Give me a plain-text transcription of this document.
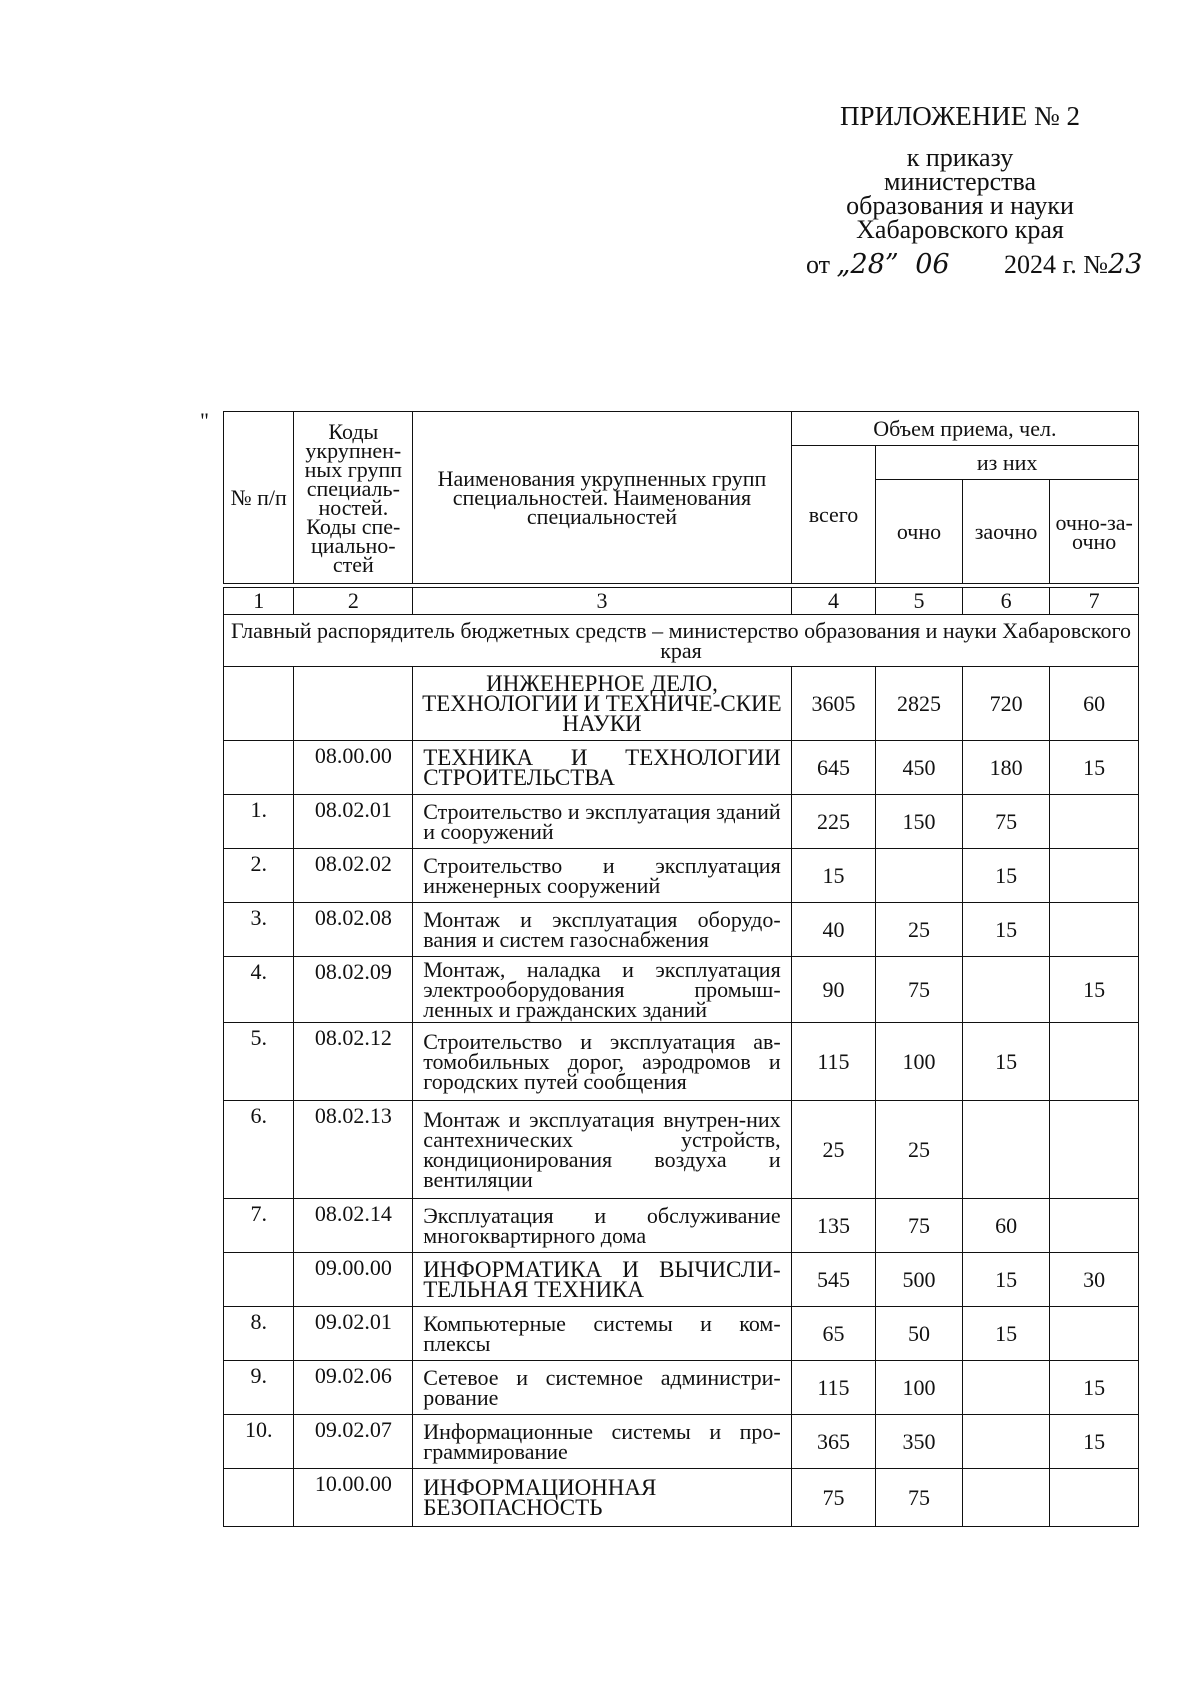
ПРИЛОЖЕНИЕ № 2
к приказу
министерства
образования и науки
Хабаровского края
от „28” 06 2024 г. №23
"
№ п/п	Коды укрупнен-ных групп специаль-ностей. Коды спе-циально-стей	Наименования укрупненных групп специальностей. Наименования специальностей	Объем приема, чел.			
			всего	из них		
				очно	заочно	очно-за-очно

1	2	3	4	5	6	7
Главный распорядитель бюджетных средств – министерство образования и науки Хабаровского края						
		ИНЖЕНЕРНОЕ ДЕЛО, ТЕХНОЛОГИИ И ТЕХНИЧЕ-СКИЕ НАУКИ	3605	2825	720	60
	08.00.00	ТЕХНИКА И ТЕХНОЛОГИИ СТРОИТЕЛЬСТВА	645	450	180	15
1.	08.02.01	Строительство и эксплуатация зданий и сооружений	225	150	75	
2.	08.02.02	Строительство и эксплуатация инженерных сооружений	15		15	
3.	08.02.08	Монтаж и эксплуатация оборудо-вания и систем газоснабжения	40	25	15	
4.	08.02.09	Монтаж, наладка и эксплуатация электрооборудования промыш-ленных и гражданских зданий	90	75		15
5.	08.02.12	Строительство и эксплуатация ав-томобильных дорог, аэродромов и городских путей сообщения	115	100	15	
6.	08.02.13	Монтаж и эксплуатация внутрен-них сантехнических устройств, кондиционирования воздуха и вентиляции	25	25		
7.	08.02.14	Эксплуатация и обслуживание многоквартирного дома	135	75	60	
	09.00.00	ИНФОРМАТИКА И ВЫЧИСЛИ-ТЕЛЬНАЯ ТЕХНИКА	545	500	15	30
8.	09.02.01	Компьютерные системы и ком-плексы	65	50	15	
9.	09.02.06	Сетевое и системное администри-рование	115	100		15
10.	09.02.07	Информационные системы и про-граммирование	365	350		15
	10.00.00	ИНФОРМАЦИОННАЯ БЕЗОПАСНОСТЬ	75	75		
